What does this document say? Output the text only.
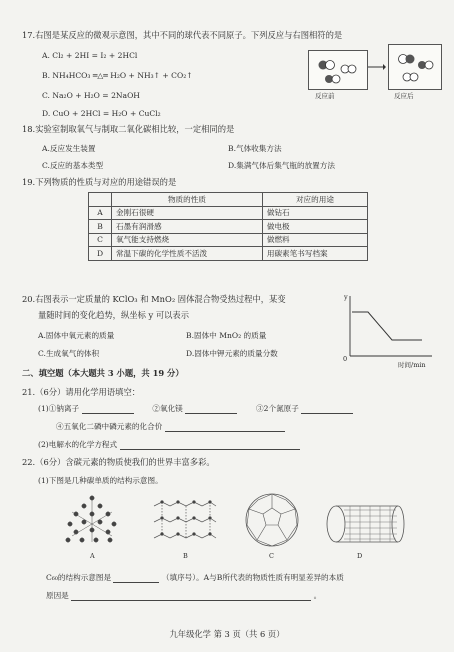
17.右图是某反应的微观示意图，其中不同的球代表不同原子。下列反应与右图相符的是
A. Cl₂ + 2HI = I₂ + 2HCl
B. NH₄HCO₃ ═△═ H₂O + NH₃↑ + CO₂↑
C. Na₂O + H₂O = 2NaOH
D. CuO + 2HCl = H₂O + CuCl₂
反应前	反应后
18.实验室制取氧气与制取二氧化碳相比较，一定相同的是
A.反应发生装置	B.气体收集方法
C.反应的基本类型	D.集满气体后集气瓶的放置方法
19.下列物质的性质与对应的用途错误的是
	物质的性质	对应的用途
A	金刚石很硬	做钻石
B	石墨有润滑感	做电极
C	氧气能支持燃烧	做燃料
D	常温下碳的化学性质不活泼	用碳素笔书写档案
20.右图表示一定质量的 KClO₃ 和 MnO₂ 固体混合物受热过程中，某变
量随时间的变化趋势，纵坐标 y 可以表示
A.固体中氧元素的质量	B.固体中 MnO₂ 的质量
C.生成氧气的体积	D.固体中钾元素的质量分数
y
0
时间/min
二、填空题（本大题共 3 小题，共 19 分）
21.（6分）请用化学用语填空：
(1)①钠离子	②氧化镁	③2个氮原子
④五氧化二磷中磷元素的化合价
(2)电解水的化学方程式
22.（6分）含碳元素的物质使我们的世界丰富多彩。
(1)下图是几种碳单质的结构示意图。
A	B	C	D
C₆₀的结构示意图是	（填序号）。A与B所代表的物质性质有明显差异的本质
原因是	。
九年级化学 第 3 页（共 6 页）
